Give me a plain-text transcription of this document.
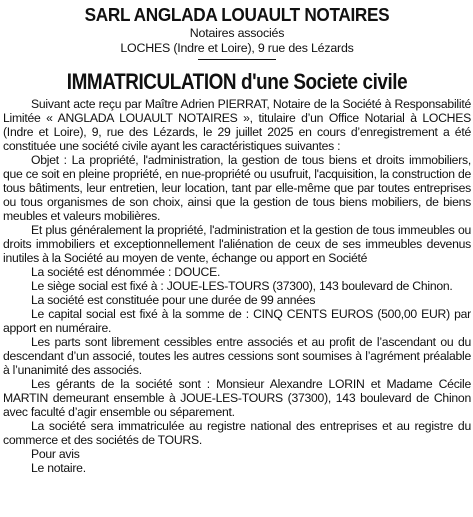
SARL ANGLADA LOUAULT NOTAIRES
Notaires associés
LOCHES (Indre et Loire), 9 rue des Lézards
IMMATRICULATION d'une Societe civile

Suivant acte reçu par Maître Adrien PIERRAT, Notaire de la Société à Responsabilité Limitée « ANGLADA LOUAULT NOTAIRES », titulaire d’un Office Notarial à LOCHES (Indre et Loire), 9, rue des Lézards, le 29 juillet 2025 en cours d’enregistrement a été constituée une société civile ayant les caractéristiques suivantes :

Objet : La propriété, l'administration, la gestion de tous biens et droits immobiliers, que ce soit en pleine propriété, en nue-propriété ou usufruit, l'acquisition, la construction de tous bâtiments, leur entretien, leur location, tant par elle-même que par toutes entreprises ou tous organismes de son choix, ainsi que la gestion de tous biens mobiliers, de biens meubles et valeurs mobilières.

Et plus généralement la propriété, l'administration et la gestion de tous immeubles ou droits immobiliers et exceptionnellement l'aliénation de ceux de ses immeubles devenus inutiles à la Société au moyen de vente, échange ou apport en Société

La société est dénommée : DOUCE.

Le siège social est fixé à : JOUE-LES-TOURS (37300), 143 boulevard de Chinon.

La société est constituée pour une durée de 99 années

Le capital social est fixé à la somme de : CINQ CENTS EUROS (500,00 EUR) par apport en numéraire.

Les parts sont librement cessibles entre associés et au profit de l’ascendant ou du descendant d’un associé, toutes les autres cessions sont soumises à l’agrément préalable à l’unanimité des associés.

Les gérants de la société sont : Monsieur Alexandre LORIN et Madame Cécile MARTIN demeurant ensemble à JOUE-LES-TOURS (37300), 143 boulevard de Chinon avec faculté d’agir ensemble ou séparement.

La société sera immatriculée au registre national des entreprises et au registre du commerce et des sociétés de TOURS.

Pour avis

Le notaire.
